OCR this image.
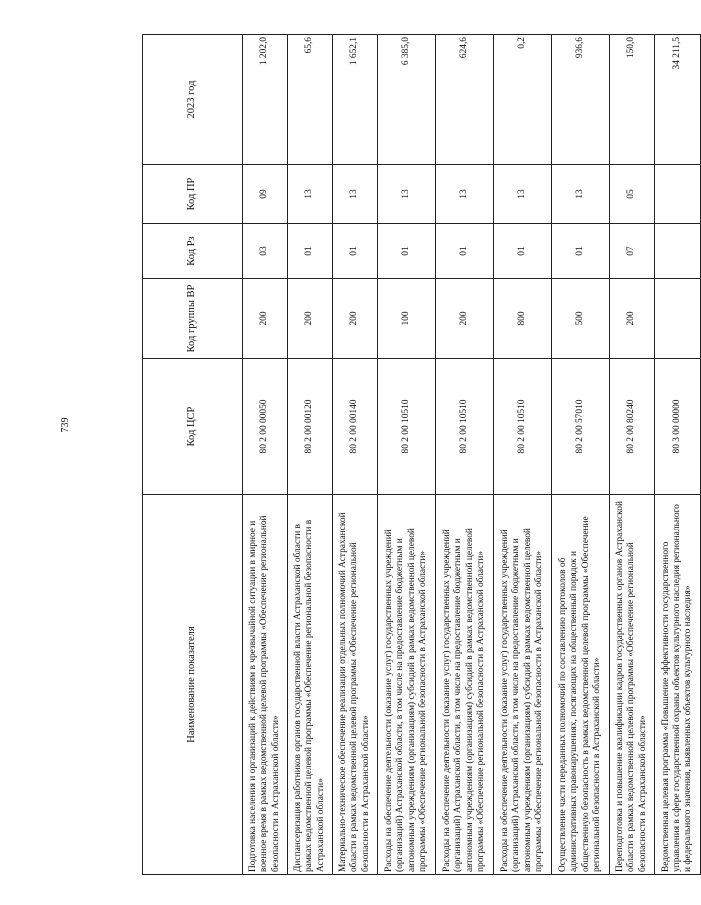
739
Наименование показателя	Код ЦСР	Код группы ВР	Код Рз	Код ПР	2023 год
Подготовка населения и организаций к действиям в чрезвычайной ситуации в мирное и военное время в рамках ведомственной целевой программы «Обеспечение региональной безопасности в Астраханской области»	80 2 00 00050	200	03	09	1 202,0
Диспансеризация работников органов государственной власти Астраханской области в рамках ведомственной целевой программы «Обеспечение региональной безопасности в Астраханской области»	80 2 00 00120	200	01	13	65,6
Материально-техническое обеспечение реализации отдельных полномочий Астраханской области в рамках ведомственной целевой программы «Обеспечение региональной безопасности в Астраханской области»	80 2 00 00140	200	01	13	1 652,1
Расходы на обеспечение деятельности (оказание услуг) государственных учреждений (организаций) Астраханской области, в том числе на предоставление бюджетным и автономным учреждениям (организациям) субсидий в рамках ведомственной целевой программы «Обеспечение региональной безопасности в Астраханской области»	80 2 00 10510	100	01	13	6 385,0
Расходы на обеспечение деятельности (оказание услуг) государственных учреждений (организаций) Астраханской области, в том числе на предоставление бюджетным и автономным учреждениям (организациям) субсидий в рамках ведомственной целевой программы «Обеспечение региональной безопасности в Астраханской области»	80 2 00 10510	200	01	13	624,6
Расходы на обеспечение деятельности (оказание услуг) государственных учреждений (организаций) Астраханской области, в том числе на предоставление бюджетным и автономным учреждениям (организациям) субсидий в рамках ведомственной целевой программы «Обеспечение региональной безопасности в Астраханской области»	80 2 00 10510	800	01	13	0,2
Осуществление части переданных полномочий по составлению протоколов об административных правонарушениях, посягающих на общественный порядок и общественную безопасность в рамках ведомственной целевой программы «Обеспечение региональной безопасности в Астраханской области»	80 2 00 57010	500	01	13	936,6
Переподготовка и повышение квалификации кадров государственных органов Астраханской области в рамках ведомственной целевой программы «Обеспечение региональной безопасности в Астраханской области»	80 2 00 80240	200	07	05	150,0
Ведомственная целевая программа «Повышение эффективности государственного управления в сфере государственной охраны объектов культурного наследия регионального и федерального значения, выявленных объектов культурного наследия»	80 3 00 00000				34 211,5
